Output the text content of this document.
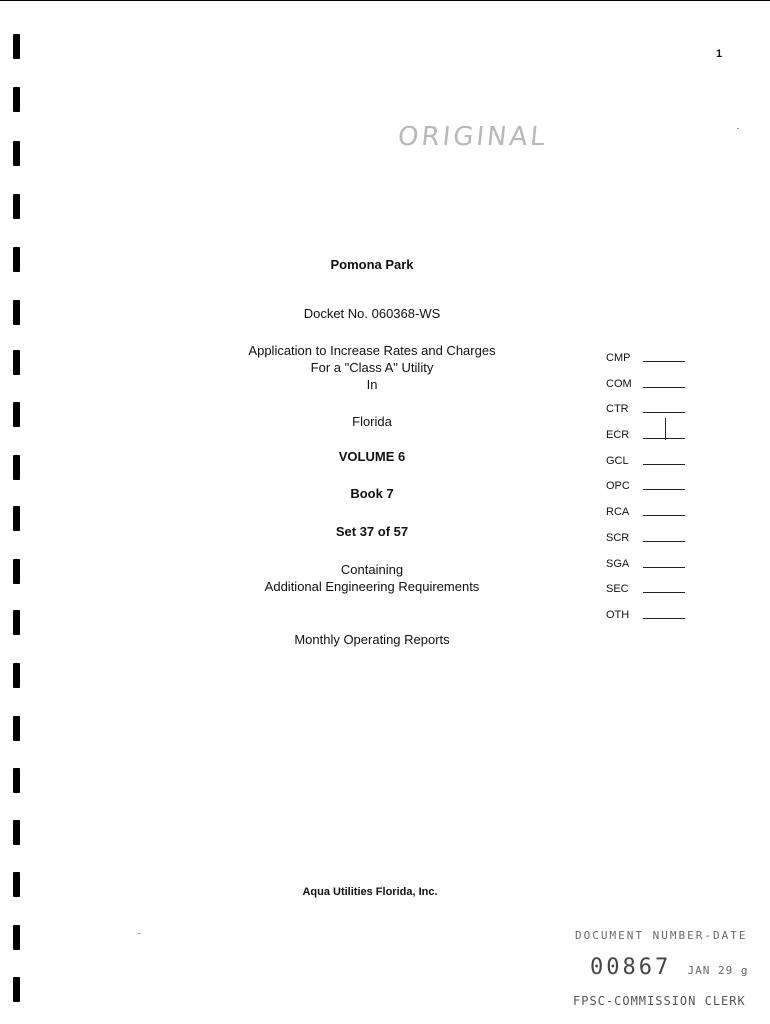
1
ORIGINAL
Pomona Park
Docket No. 060368-WS
Application to Increase Rates and Charges
For a "Class A" Utility
In
Florida
VOLUME 6
Book 7
Set 37 of 57
Containing
Additional Engineering Requirements
Monthly Operating Reports
CMP
COM
CTR
ECR
GCL
OPC
RCA
SCR
SGA
SEC
OTH
Aqua Utilities Florida, Inc.
DOCUMENT NUMBER-DATE
00867 JAN 29 g
FPSC-COMMISSION CLERK
